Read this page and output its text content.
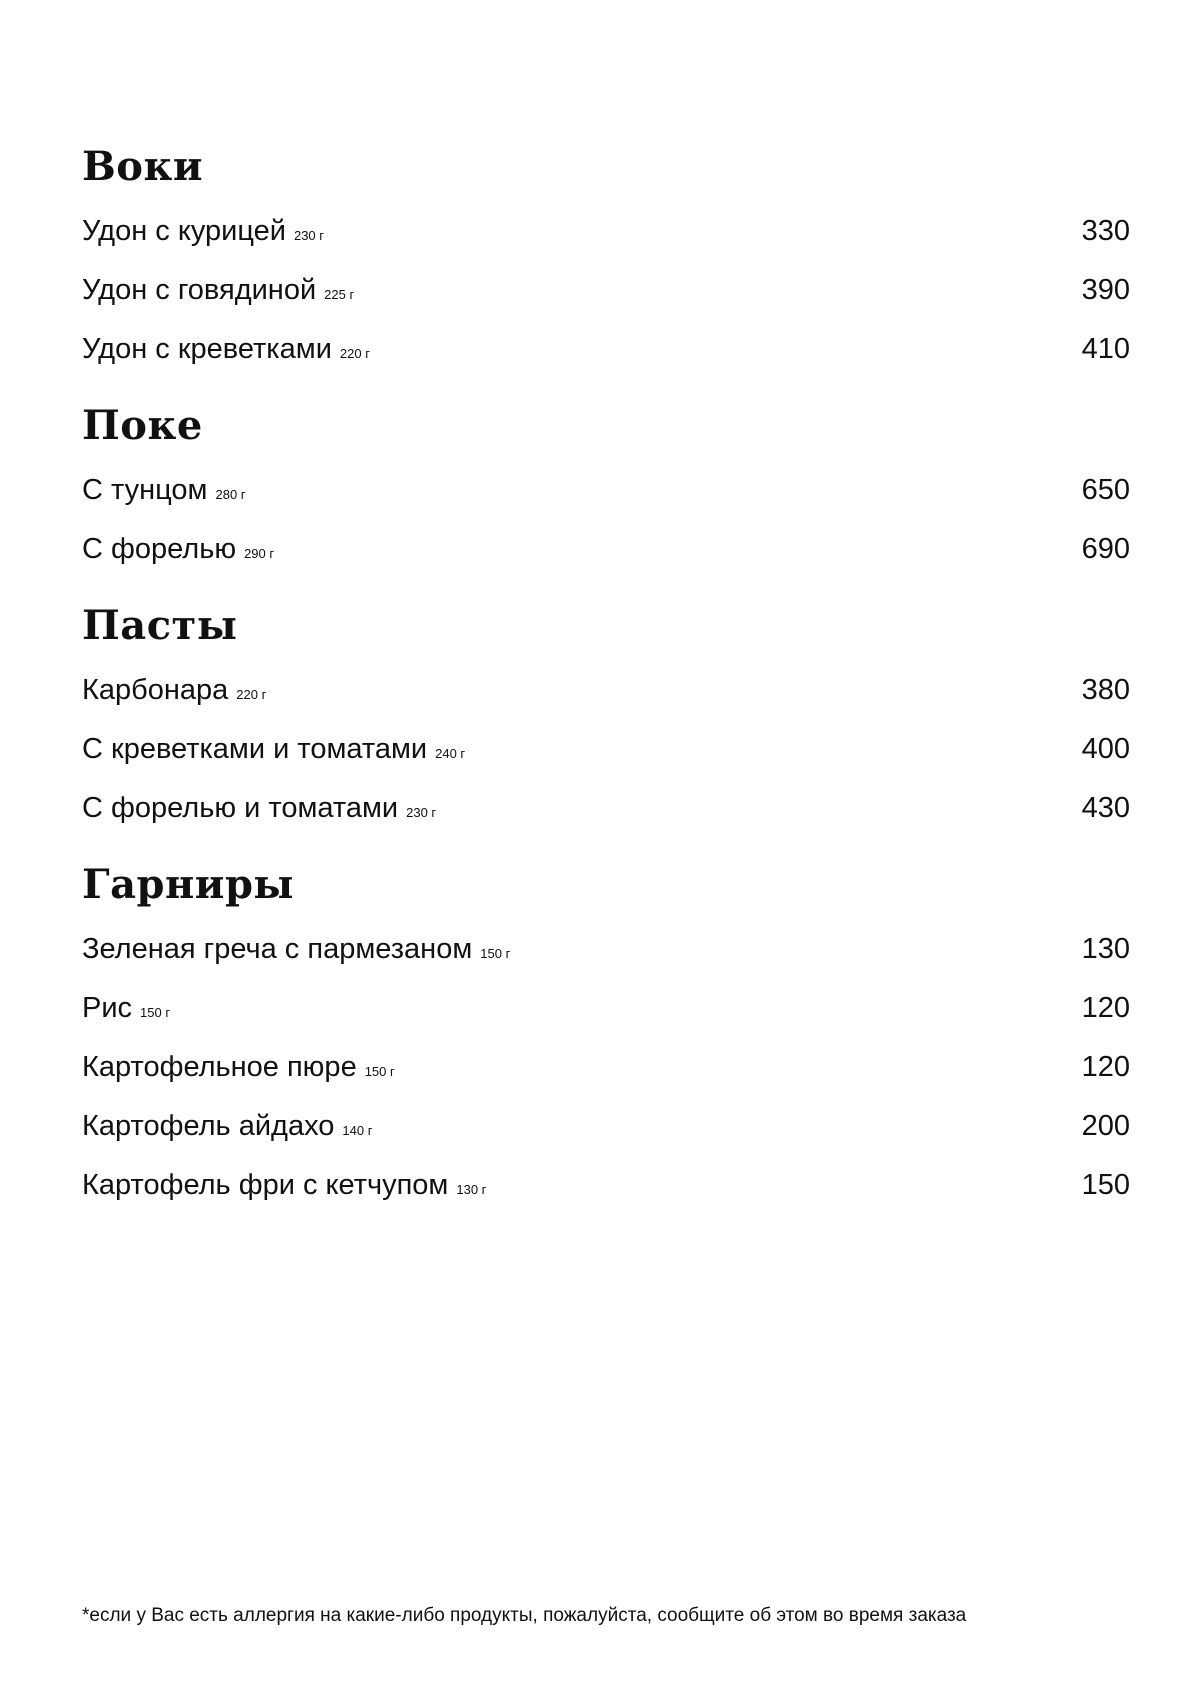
Воки
Удон с курицей 230 г	330
Удон с говядиной 225 г	390
Удон с креветками 220 г	410
Поке
С тунцом 280 г	650
С форелью 290 г	690
Пасты
Карбонара 220 г	380
С креветками и томатами 240 г	400
С форелью и томатами 230 г	430
Гарниры
Зеленая греча с пармезаном 150 г	130
Рис 150 г	120
Картофельное пюре 150 г	120
Картофель айдахо 140 г	200
Картофель фри с кетчупом 130 г	150
*если у Вас есть аллергия на какие-либо продукты, пожалуйста, сообщите об этом во время заказа
